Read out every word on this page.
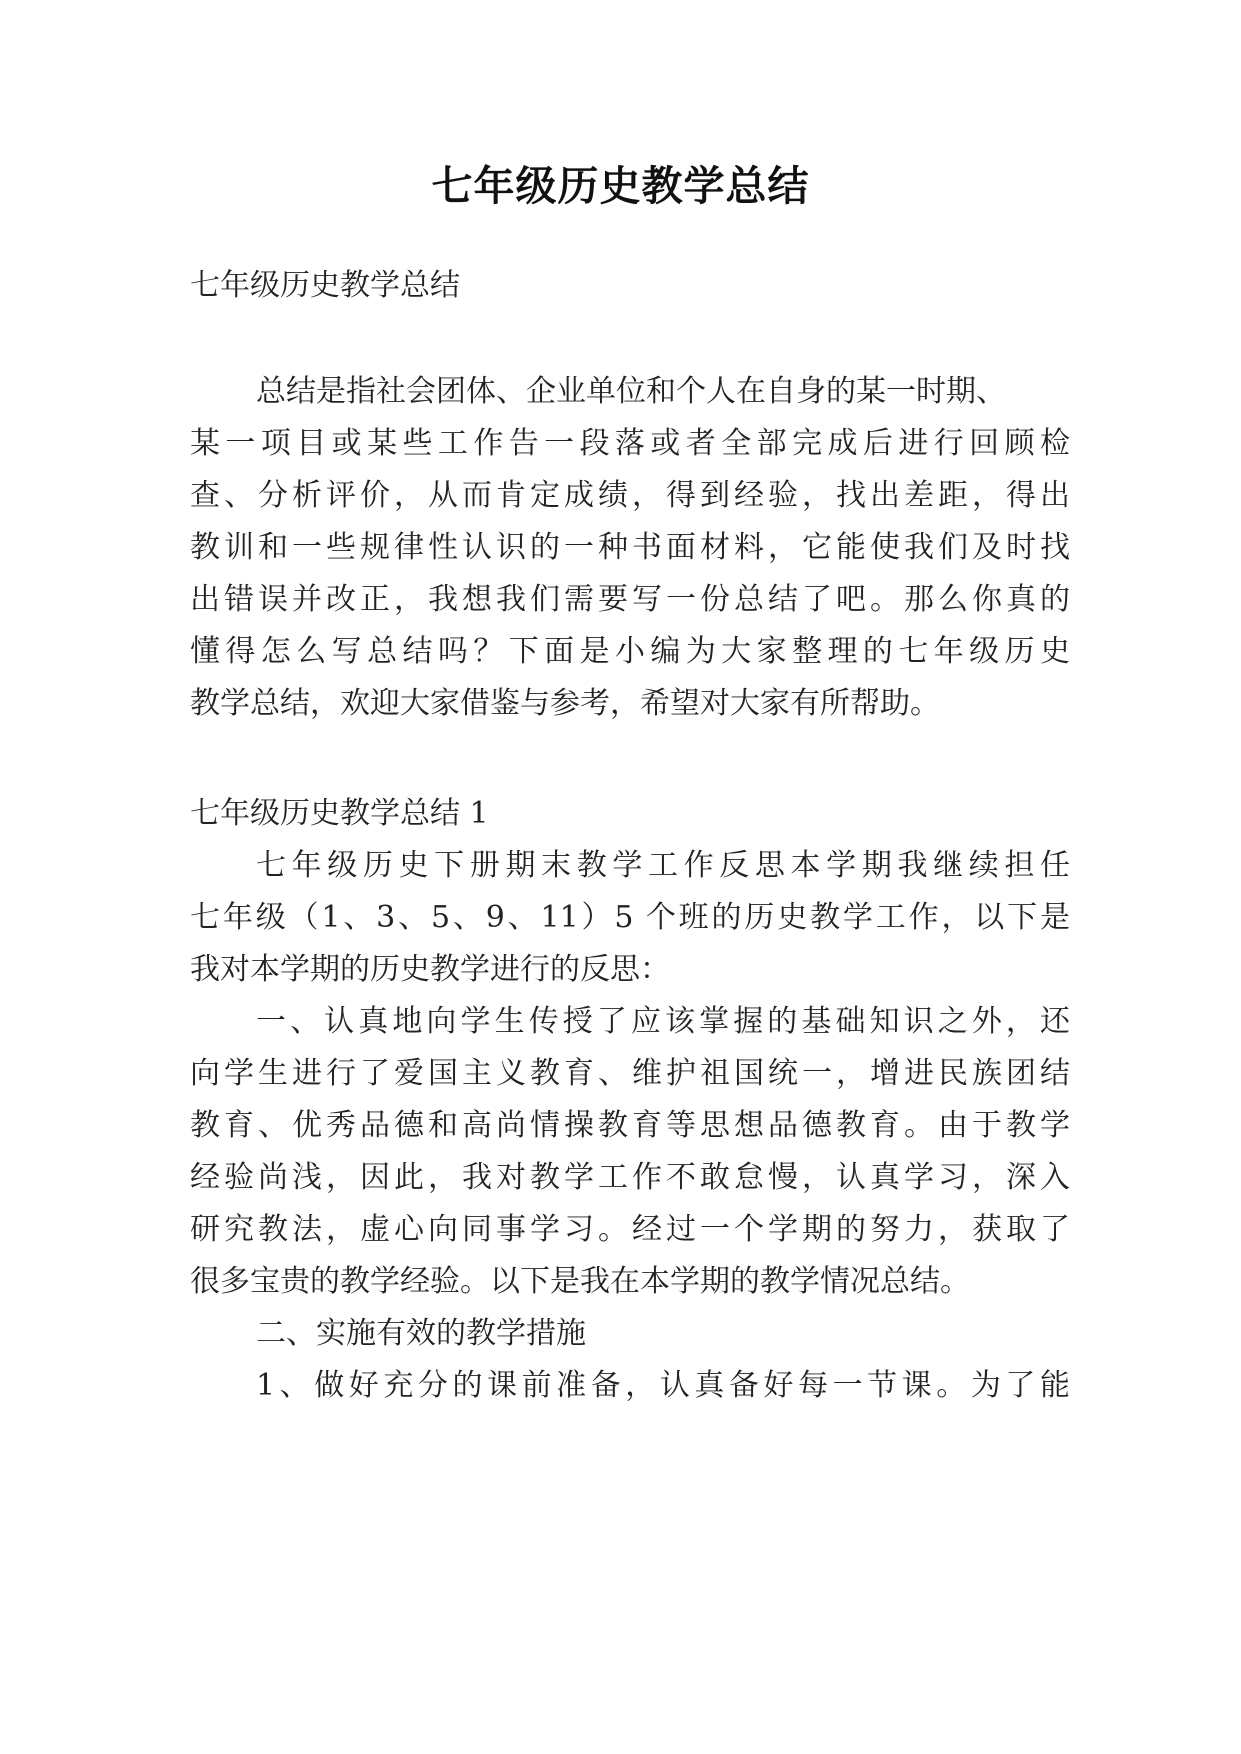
七年级历史教学总结
七年级历史教学总结
总结是指社会团体、企业单位和个人在自身的某一时期、
某一项目或某些工作告一段落或者全部完成后进行回顾检
查、分析评价，从而肯定成绩，得到经验，找出差距，得出
教训和一些规律性认识的一种书面材料，它能使我们及时找
出错误并改正，我想我们需要写一份总结了吧。那么你真的
懂得怎么写总结吗？下面是小编为大家整理的七年级历史
教学总结，欢迎大家借鉴与参考，希望对大家有所帮助。
七年级历史教学总结 1
七年级历史下册期末教学工作反思本学期我继续担任
七年级（1、3、5、9、11）5 个班的历史教学工作，以下是
我对本学期的历史教学进行的反思：
一、认真地向学生传授了应该掌握的基础知识之外，还
向学生进行了爱国主义教育、维护祖国统一，增进民族团结
教育、优秀品德和高尚情操教育等思想品德教育。由于教学
经验尚浅，因此，我对教学工作不敢怠慢，认真学习，深入
研究教法，虚心向同事学习。经过一个学期的努力，获取了
很多宝贵的教学经验。以下是我在本学期的教学情况总结。
二、实施有效的教学措施
1、做好充分的课前准备，认真备好每一节课。为了能
